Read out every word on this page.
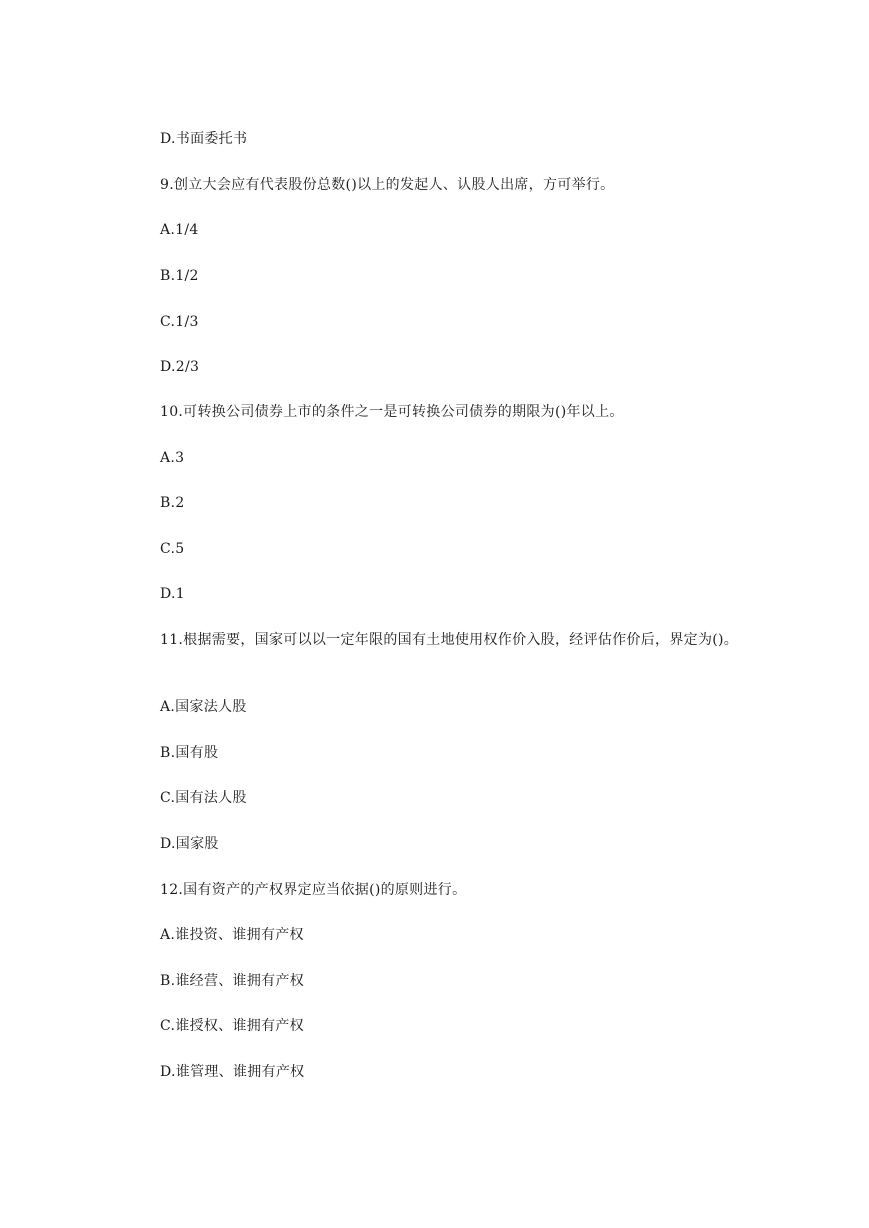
D.书面委托书
9.创立大会应有代表股份总数()以上的发起人、认股人出席，方可举行。
A.1/4
B.1/2
C.1/3
D.2/3
10.可转换公司债券上市的条件之一是可转换公司债券的期限为()年以上。
A.3
B.2
C.5
D.1
11.根据需要，国家可以以一定年限的国有土地使用权作价入股，经评估作价后，界定为()。
A.国家法人股
B.国有股
C.国有法人股
D.国家股
12.国有资产的产权界定应当依据()的原则进行。
A.谁投资、谁拥有产权
B.谁经营、谁拥有产权
C.谁授权、谁拥有产权
D.谁管理、谁拥有产权
